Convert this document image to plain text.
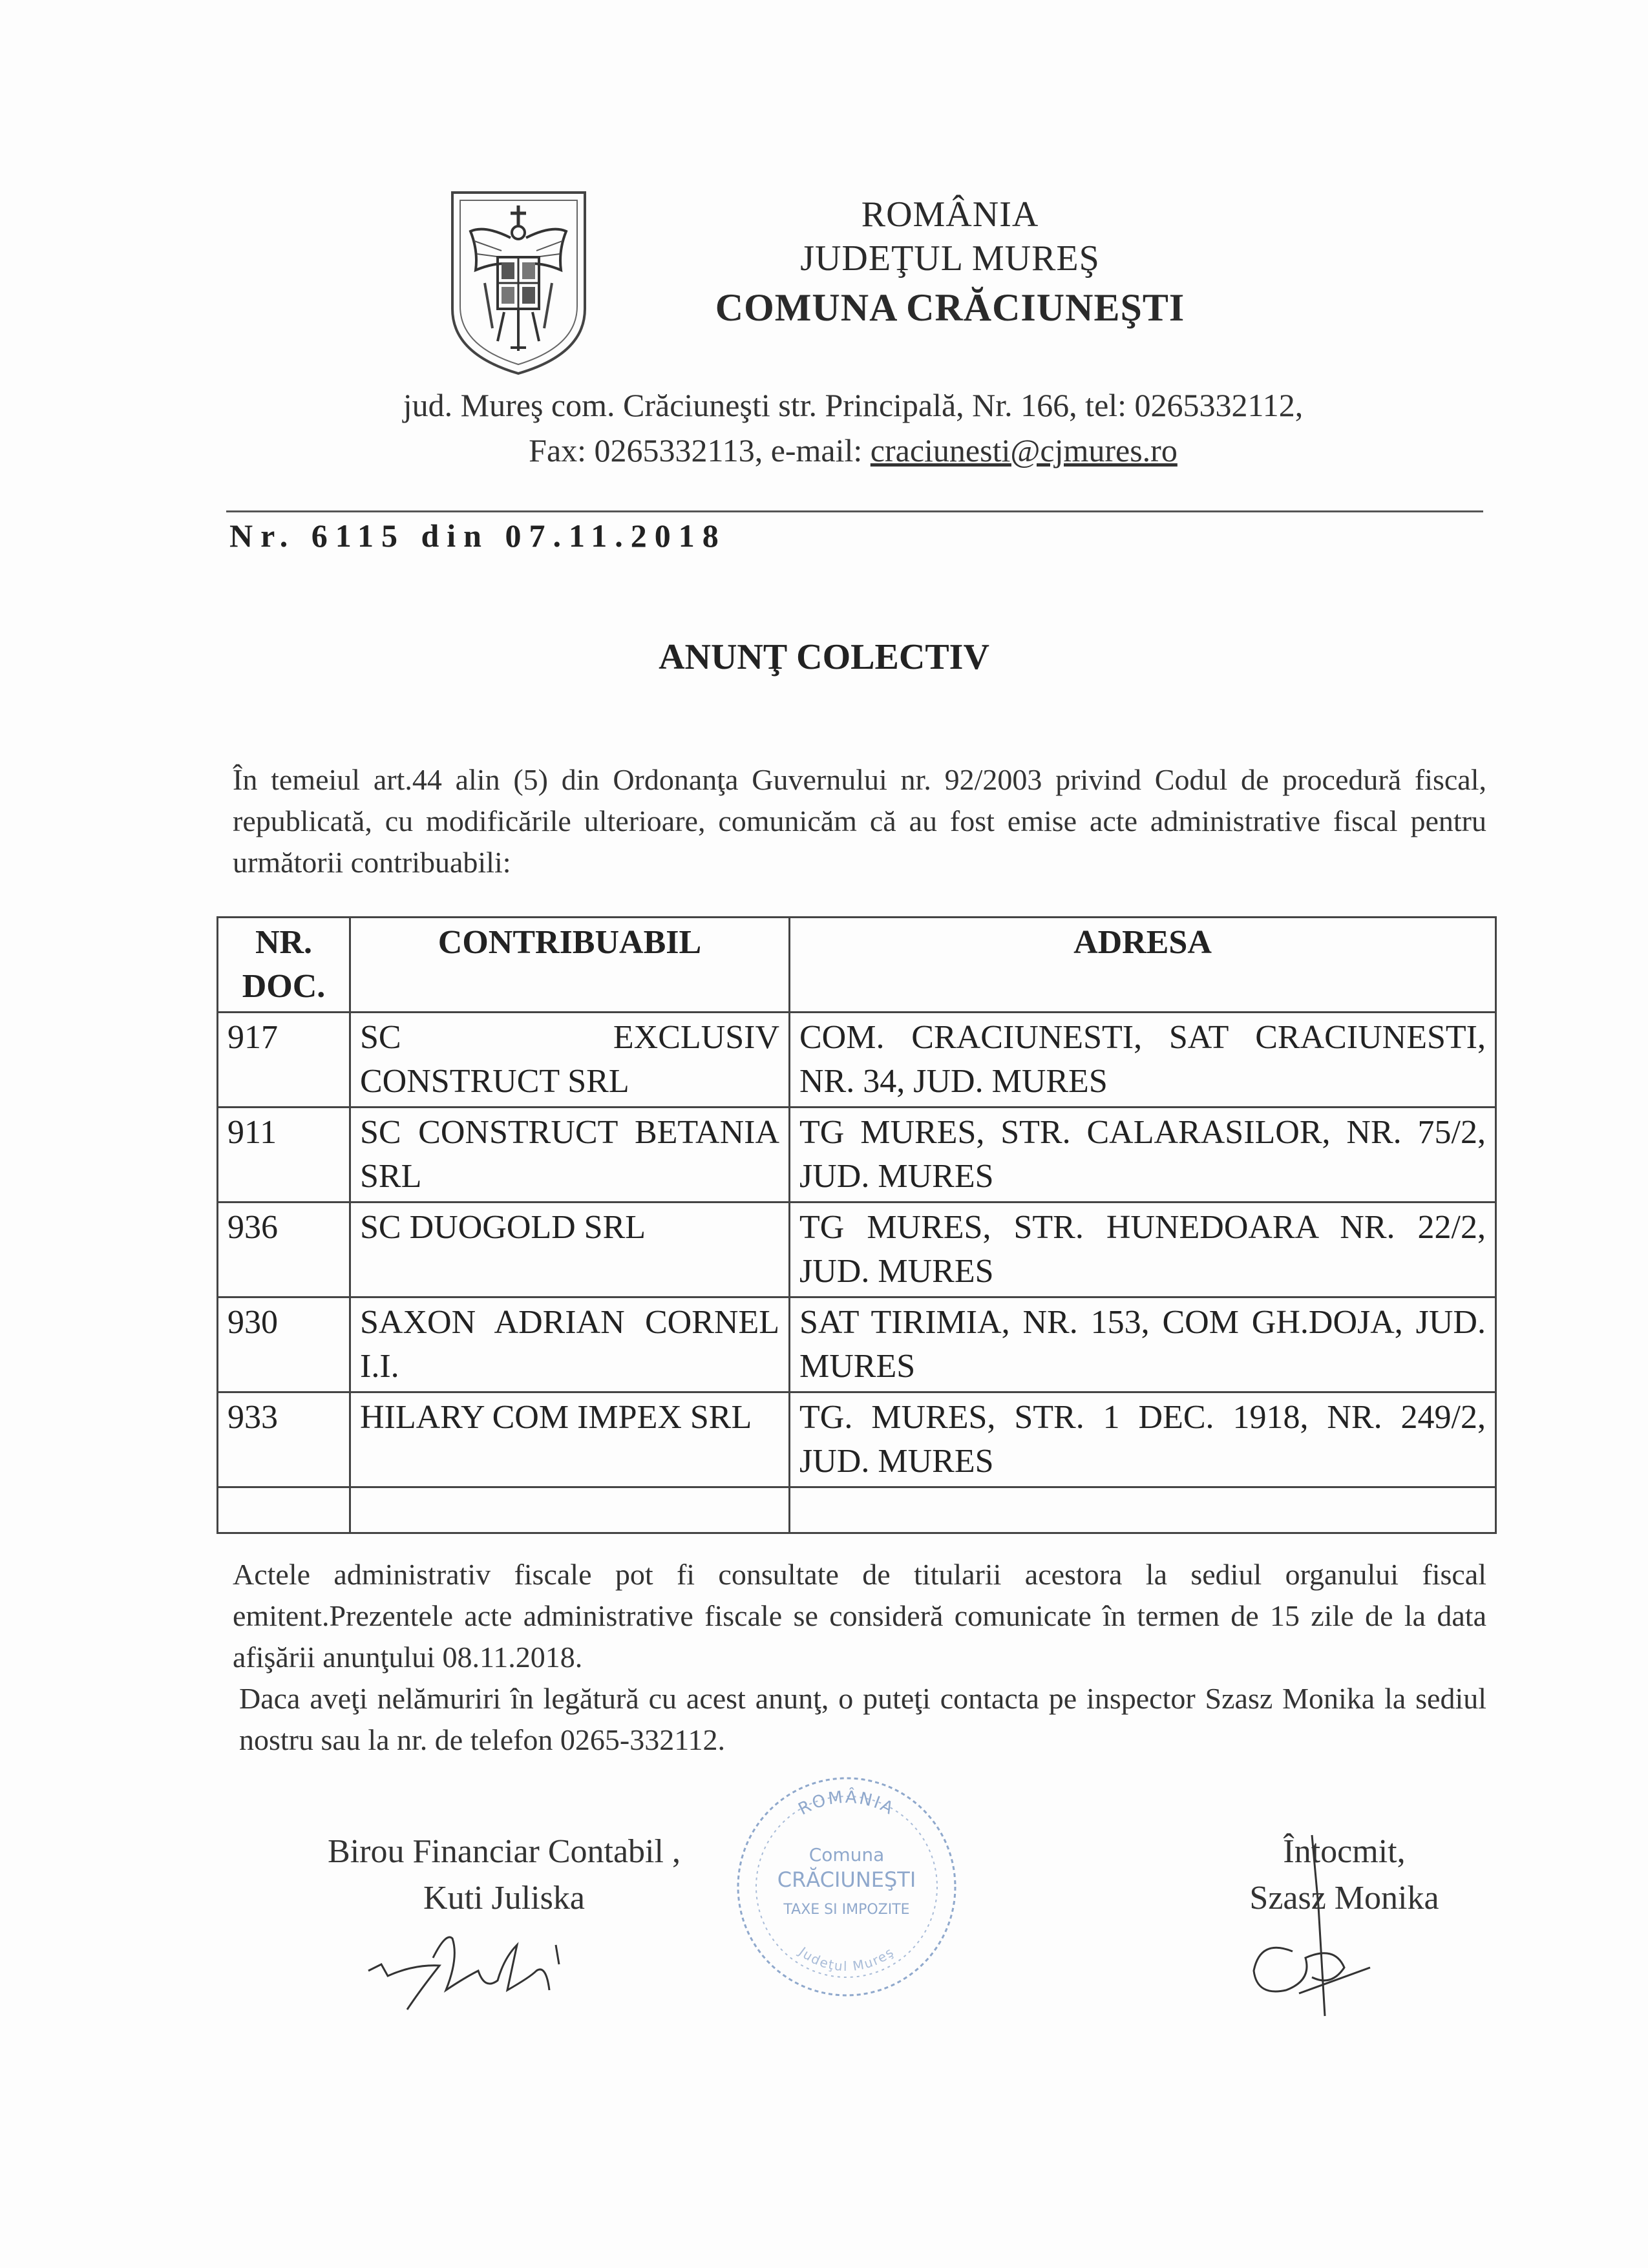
ROMÂNIA
JUDEŢUL MUREŞ
COMUNA CRĂCIUNEŞTI
jud. Mureş com. Crăciuneşti str. Principală, Nr. 166, tel: 0265332112,
Fax: 0265332113, e-mail: craciunesti@cjmures.ro
Nr. 6115 din 07.11.2018
ANUNŢ COLECTIV
În temeiul art.44 alin (5) din Ordonanţa Guvernului nr. 92/2003 privind Codul de procedură fiscal, republicată, cu modificările ulterioare, comunicăm că au fost emise acte administrative fiscal pentru următorii contribuabili:
NR. DOC.	CONTRIBUABIL	ADRESA
917	SC EXCLUSIV CONSTRUCT SRL	COM. CRACIUNESTI, SAT CRACIUNESTI, NR. 34, JUD. MURES
911	SC CONSTRUCT BETANIA SRL	TG MURES, STR. CALARASILOR, NR. 75/2, JUD. MURES
936	SC DUOGOLD SRL	TG MURES, STR. HUNEDOARA NR. 22/2, JUD. MURES
930	SAXON ADRIAN CORNEL I.I.	SAT TIRIMIA, NR. 153, COM GH.DOJA, JUD. MURES
933	HILARY COM IMPEX SRL	TG. MURES, STR. 1 DEC. 1918, NR. 249/2, JUD. MURES

Actele administrativ fiscale pot fi consultate de titularii acestora la sediul organului fiscal emitent.Prezentele acte administrative fiscale se consideră comunicate în termen de 15 zile de la data afişării anunţului 08.11.2018.

Daca aveţi nelămuriri în legătură cu acest anunţ, o puteţi contacta pe inspector Szasz Monika la sediul nostru sau la nr. de telefon 0265-332112.

ROMÂNIA
Comuna
CRĂCIUNEŞTI
TAXE SI IMPOZITE
Judeţul Mureş
Birou Financiar Contabil ,
Kuti Juliska
Întocmit,
Szasz Monika
